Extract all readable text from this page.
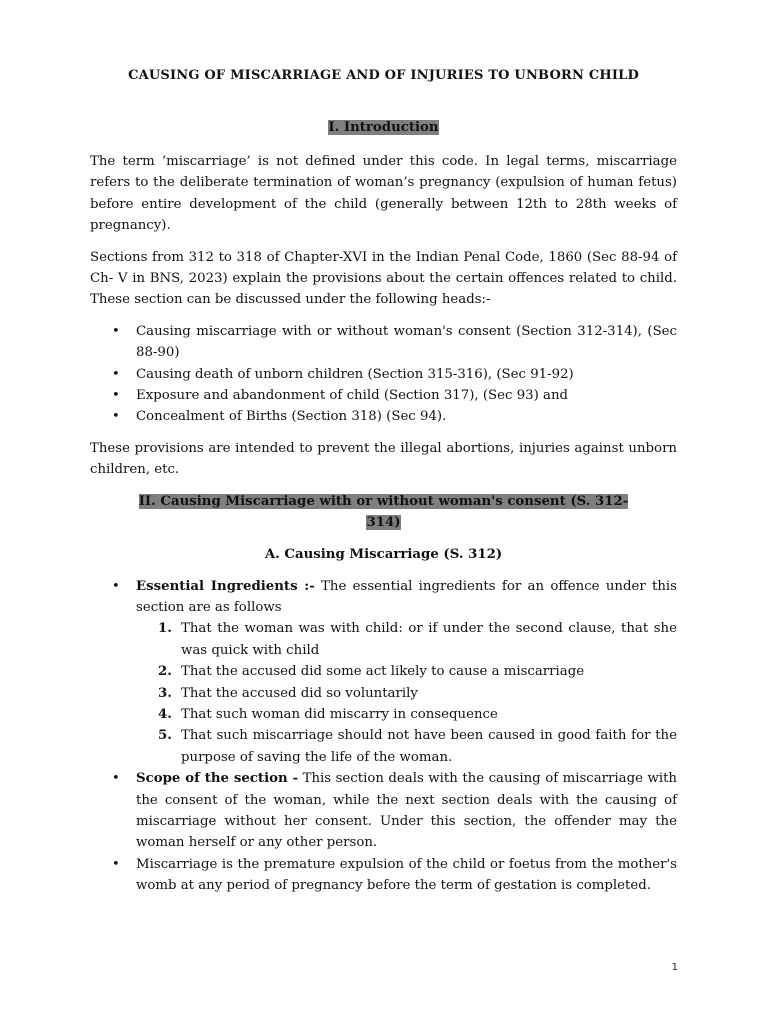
CAUSING OF MISCARRIAGE AND OF INJURIES TO UNBORN CHILD
I. Introduction

The term ‘miscarriage’ is not defined under this code. In legal terms, miscarriage refers to the deliberate termination of woman’s pregnancy (expulsion of human fetus) before entire development of the child (generally between 12th to 28th weeks of pregnancy).

Sections from 312 to 318 of Chapter-XVI in the Indian Penal Code, 1860 (Sec 88-94 of Ch- V in BNS, 2023) explain the provisions about the certain offences related to child. These section can be discussed under the following heads:-

• Causing miscarriage with or without woman's consent (Section 312-314), (Sec 88-90)
• Causing death of unborn children (Section 315-316), (Sec 91-92)
• Exposure and abandonment of child (Section 317), (Sec 93) and
• Concealment of Births (Section 318) (Sec 94).

These provisions are intended to prevent the illegal abortions, injuries against unborn children, etc.

II. Causing Miscarriage with or without woman's consent (S. 312-
314)
A. Causing Miscarriage (S. 312)
• Essential Ingredients :- The essential ingredients for an offence under this section are as follows
1. That the woman was with child: or if under the second clause, that she was quick with child
2. That the accused did some act likely to cause a miscarriage
3. That the accused did so voluntarily
4. That such woman did miscarry in consequence
5. That such miscarriage should not have been caused in good faith for the purpose of saving the life of the woman.
• Scope of the section - This section deals with the causing of miscarriage with the consent of the woman, while the next section deals with the causing of miscarriage without her consent. Under this section, the offender may the woman herself or any other person.
• Miscarriage is the premature expulsion of the child or foetus from the mother's womb at any period of pregnancy before the term of gestation is completed.
1
